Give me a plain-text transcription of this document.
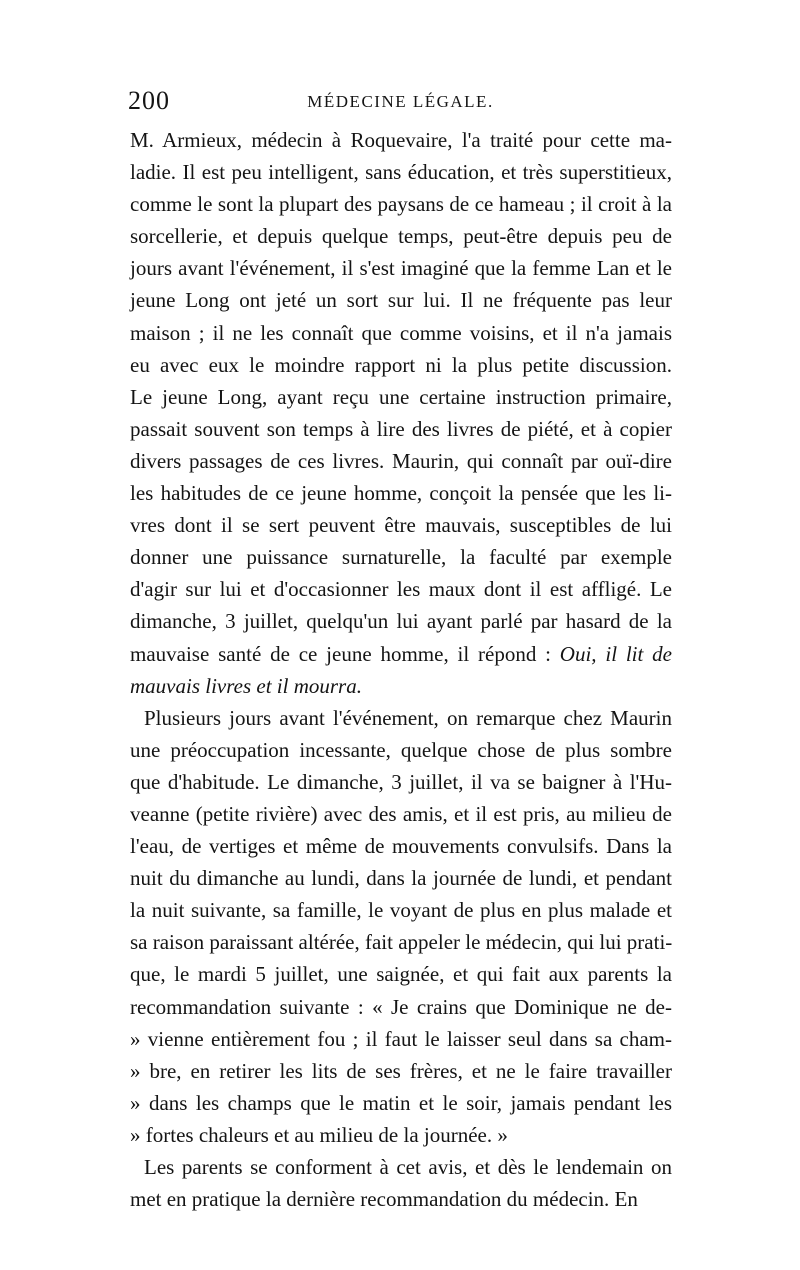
200	MÉDECINE LÉGALE.
M. Armieux, médecin à Roquevaire, l'a traité pour cette ma-
ladie. Il est peu intelligent, sans éducation, et très superstitieux,
comme le sont la plupart des paysans de ce hameau ; il croit à la
sorcellerie, et depuis quelque temps, peut-être depuis peu de
jours avant l'événement, il s'est imaginé que la femme Lan et le
jeune Long ont jeté un sort sur lui. Il ne fréquente pas leur
maison ; il ne les connaît que comme voisins, et il n'a jamais
eu avec eux le moindre rapport ni la plus petite discussion.
Le jeune Long, ayant reçu une certaine instruction primaire,
passait souvent son temps à lire des livres de piété, et à copier
divers passages de ces livres. Maurin, qui connaît par ouï-dire
les habitudes de ce jeune homme, conçoit la pensée que les li-
vres dont il se sert peuvent être mauvais, susceptibles de lui
donner une puissance surnaturelle, la faculté par exemple
d'agir sur lui et d'occasionner les maux dont il est affligé. Le
dimanche, 3 juillet, quelqu'un lui ayant parlé par hasard de la
mauvaise santé de ce jeune homme, il répond : Oui, il lit de
mauvais livres et il mourra.
Plusieurs jours avant l'événement, on remarque chez Maurin
une préoccupation incessante, quelque chose de plus sombre
que d'habitude. Le dimanche, 3 juillet, il va se baigner à l'Hu-
veanne (petite rivière) avec des amis, et il est pris, au milieu de
l'eau, de vertiges et même de mouvements convulsifs. Dans la
nuit du dimanche au lundi, dans la journée de lundi, et pendant
la nuit suivante, sa famille, le voyant de plus en plus malade et
sa raison paraissant altérée, fait appeler le médecin, qui lui prati-
que, le mardi 5 juillet, une saignée, et qui fait aux parents la
recommandation suivante : « Je crains que Dominique ne de-
» vienne entièrement fou ; il faut le laisser seul dans sa cham-
» bre, en retirer les lits de ses frères, et ne le faire travailler
» dans les champs que le matin et le soir, jamais pendant les
» fortes chaleurs et au milieu de la journée. »
Les parents se conforment à cet avis, et dès le lendemain on
met en pratique la dernière recommandation du médecin. En
